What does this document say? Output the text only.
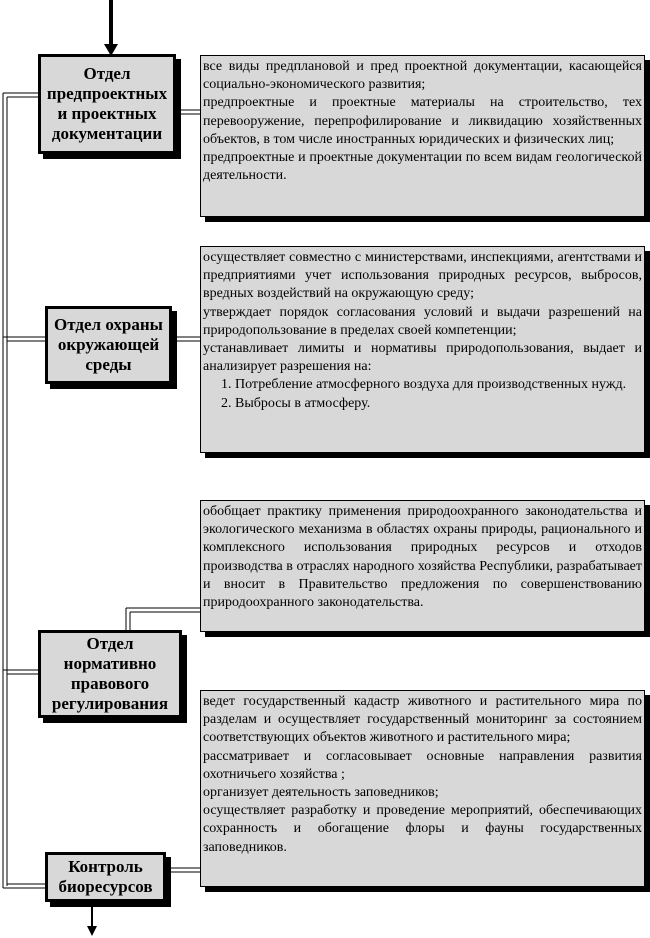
Отдел предпроектных и проектных документации

все виды предплановой и пред проектной документации, касающейся социально-экономического развития;

предпроектные и проектные материалы на строительство, тех перевооружение, перепрофилирование и ликвидацию хозяйственных объектов, в том числе иностранных юридических и физических лиц;

предпроектные и проектные документации по всем видам геологической деятельности.

Отдел охраны окружающей среды

осуществляет совместно с министерствами, инспекциями, агентствами и предприятиями учет использования природных ресурсов, выбросов, вредных воздействий на окружающую среду;

утверждает порядок согласования условий и выдачи разрешений на природопользование в пределах своей компетенции;

устанавливает лимиты и нормативы природопользования, выдает и анализирует разрешения на:

1. Потребление атмосферного воздуха для производственных нужд.
2. Выбросы в атмосферу.
Отдел нормативно правового регулирования

обобщает практику применения природоохранного законодательства и экологического механизма в областях охраны природы, рационального и комплексного использования природных ресурсов и отходов производства в отраслях народного хозяйства Республики, разрабатывает и вносит в Правительство предложения по совершенствованию природоохранного законодательства.

Контроль биоресурсов

ведет государственный кадастр животного и растительного мира по разделам и осуществляет государственный мониторинг за состоянием соответствующих объектов животного и растительного мира;

рассматривает и согласовывает основные направления развития охотничьего хозяйства ;

организует деятельность заповедников;

осуществляет разработку и проведение мероприятий, обеспечивающих сохранность и обогащение флоры и фауны государственных заповедников.
